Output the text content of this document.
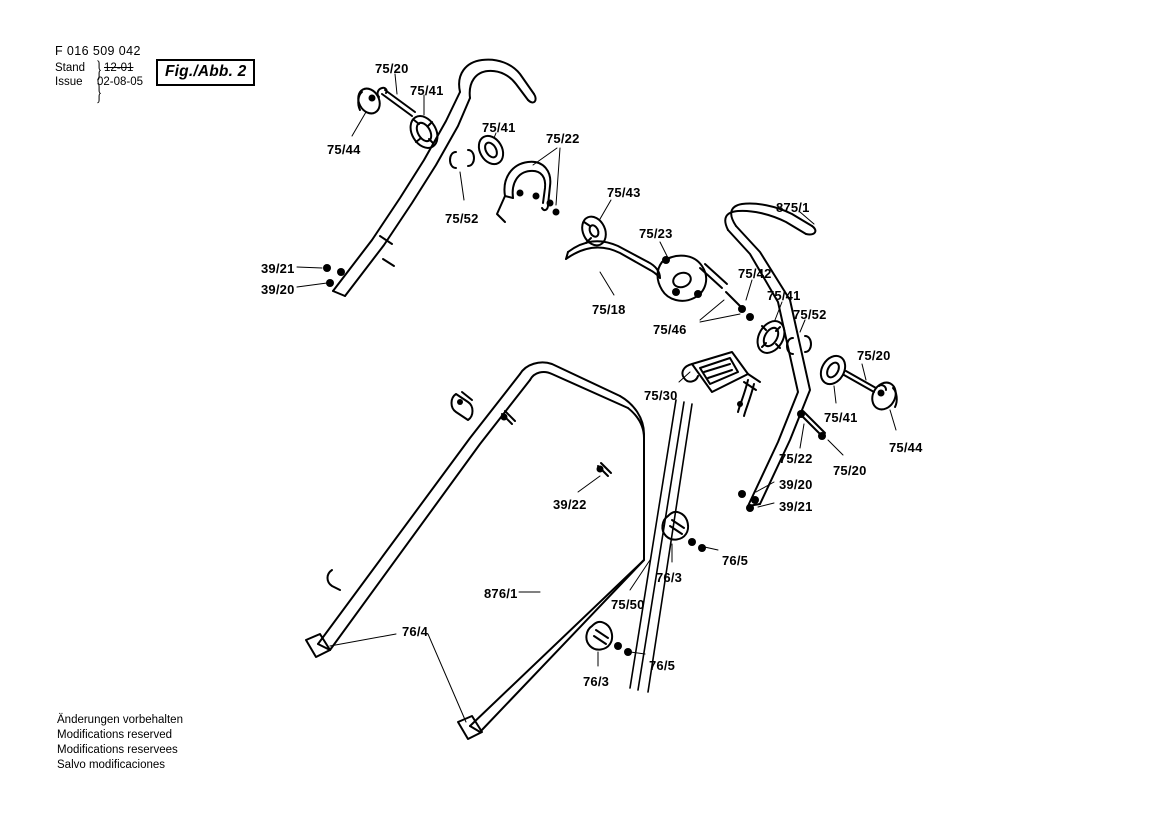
F 016 509 042
Stand
Issue }
}
12-01
02-08-05
Fig./Abb. 2	75/20
75/41
75/44
75/41
75/22
75/52
75/43
75/23
875/1
39/21
39/20
75/18
75/46
75/42
75/41
75/52
75/20
75/41
75/44
75/30
75/22
75/20
39/20
39/21
39/22
76/3
76/5
876/1
75/50
76/4
76/3
76/5
Änderungen vorbehalten
Modifications reserved
Modifications reservees
Salvo modificaciones
